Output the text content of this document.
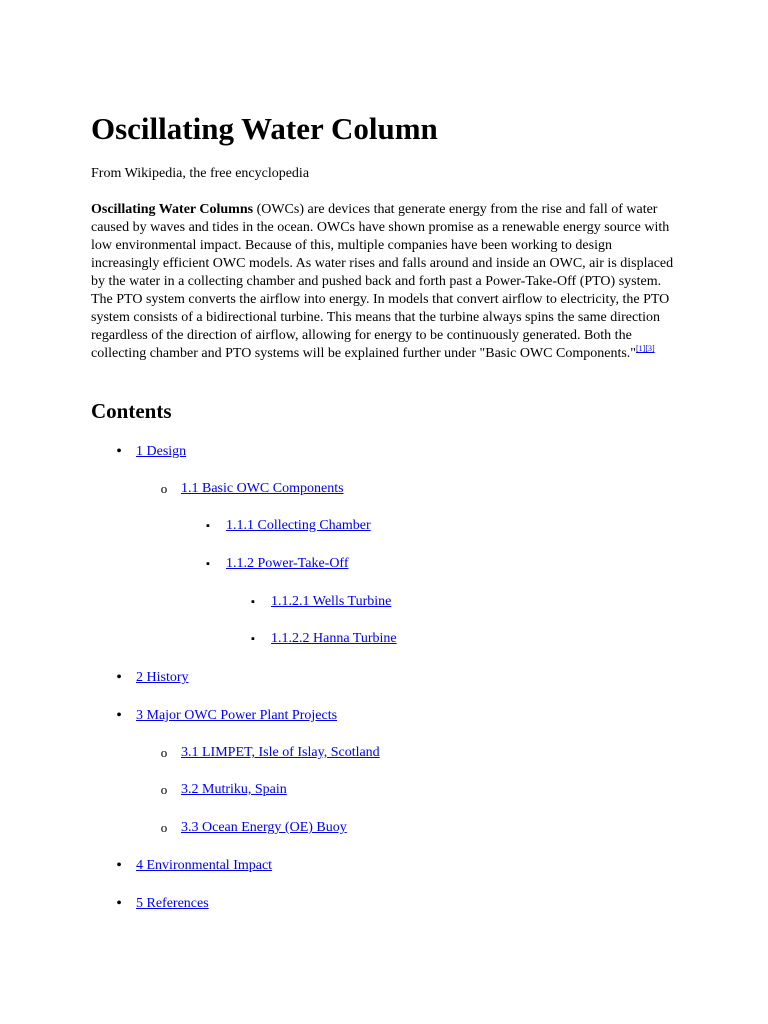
Oscillating Water Column

From Wikipedia, the free encyclopedia

Oscillating Water Columns (OWCs) are devices that generate energy from the rise and fall of water caused by waves and tides in the ocean. OWCs have shown promise as a renewable energy source with low environmental impact. Because of this, multiple companies have been working to design increasingly efficient OWC models. As water rises and falls around and inside an OWC, air is displaced by the water in a collecting chamber and pushed back and forth past a Power-Take-Off (PTO) system. The PTO system converts the airflow into energy. In models that convert airflow to electricity, the PTO system consists of a bidirectional turbine. This means that the turbine always spins the same direction regardless of the direction of airflow, allowing for energy to be continuously generated. Both the collecting chamber and PTO systems will be explained further under "Basic OWC Components."[1][3]

Contents
•	1 Design
o 1.1 Basic OWC Components
▪	1.1.1 Collecting Chamber
▪	1.1.2 Power-Take-Off
▪	1.1.2.1 Wells Turbine
▪	1.1.2.2 Hanna Turbine
•	2 History
•	3 Major OWC Power Plant Projects
o 3.1 LIMPET, Isle of Islay, Scotland
o 3.2 Mutriku, Spain
o 3.3 Ocean Energy (OE) Buoy
•	4 Environmental Impact
•	5 References
